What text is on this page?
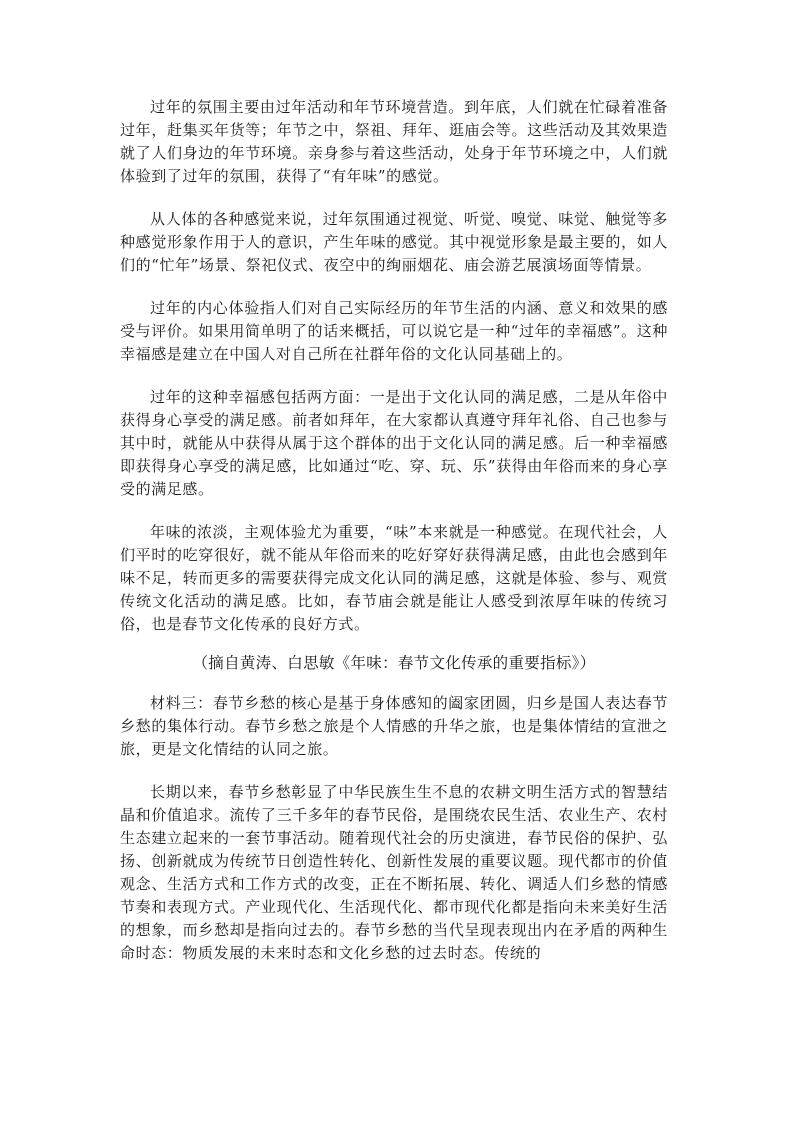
过年的氛围主要由过年活动和年节环境营造。到年底，人们就在忙碌着准备过年，赶集买年货等；年节之中，祭祖、拜年、逛庙会等。这些活动及其效果造就了人们身边的年节环境。亲身参与着这些活动，处身于年节环境之中，人们就体验到了过年的氛围，获得了“有年味”的感觉。

从人体的各种感觉来说，过年氛围通过视觉、听觉、嗅觉、味觉、触觉等多种感觉形象作用于人的意识，产生年味的感觉。其中视觉形象是最主要的，如人们的“忙年”场景、祭祀仪式、夜空中的绚丽烟花、庙会游艺展演场面等情景。

过年的内心体验指人们对自己实际经历的年节生活的内涵、意义和效果的感受与评价。如果用简单明了的话来概括，可以说它是一种“过年的幸福感”。这种幸福感是建立在中国人对自己所在社群年俗的文化认同基础上的。

过年的这种幸福感包括两方面：一是出于文化认同的满足感，二是从年俗中获得身心享受的满足感。前者如拜年，在大家都认真遵守拜年礼俗、自己也参与其中时，就能从中获得从属于这个群体的出于文化认同的满足感。后一种幸福感即获得身心享受的满足感，比如通过“吃、穿、玩、乐”获得由年俗而来的身心享受的满足感。

年味的浓淡，主观体验尤为重要，“味”本来就是一种感觉。在现代社会，人们平时的吃穿很好，就不能从年俗而来的吃好穿好获得满足感，由此也会感到年味不足，转而更多的需要获得完成文化认同的满足感，这就是体验、参与、观赏传统文化活动的满足感。比如，春节庙会就是能让人感受到浓厚年味的传统习俗，也是春节文化传承的良好方式。

（摘自黄涛、白思敏《年味：春节文化传承的重要指标》）

材料三：春节乡愁的核心是基于身体感知的阖家团圆，归乡是国人表达春节乡愁的集体行动。春节乡愁之旅是个人情感的升华之旅，也是集体情结的宣泄之旅，更是文化情结的认同之旅。

长期以来，春节乡愁彰显了中华民族生生不息的农耕文明生活方式的智慧结晶和价值追求。流传了三千多年的春节民俗，是围绕农民生活、农业生产、农村生态建立起来的一套节事活动。随着现代社会的历史演进，春节民俗的保护、弘扬、创新就成为传统节日创造性转化、创新性发展的重要议题。现代都市的价值观念、生活方式和工作方式的改变，正在不断拓展、转化、调适人们乡愁的情感节奏和表现方式。产业现代化、生活现代化、都市现代化都是指向未来美好生活的想象，而乡愁却是指向过去的。春节乡愁的当代呈现表现出内在矛盾的两种生命时态：物质发展的未来时态和文化乡愁的过去时态。传统的
